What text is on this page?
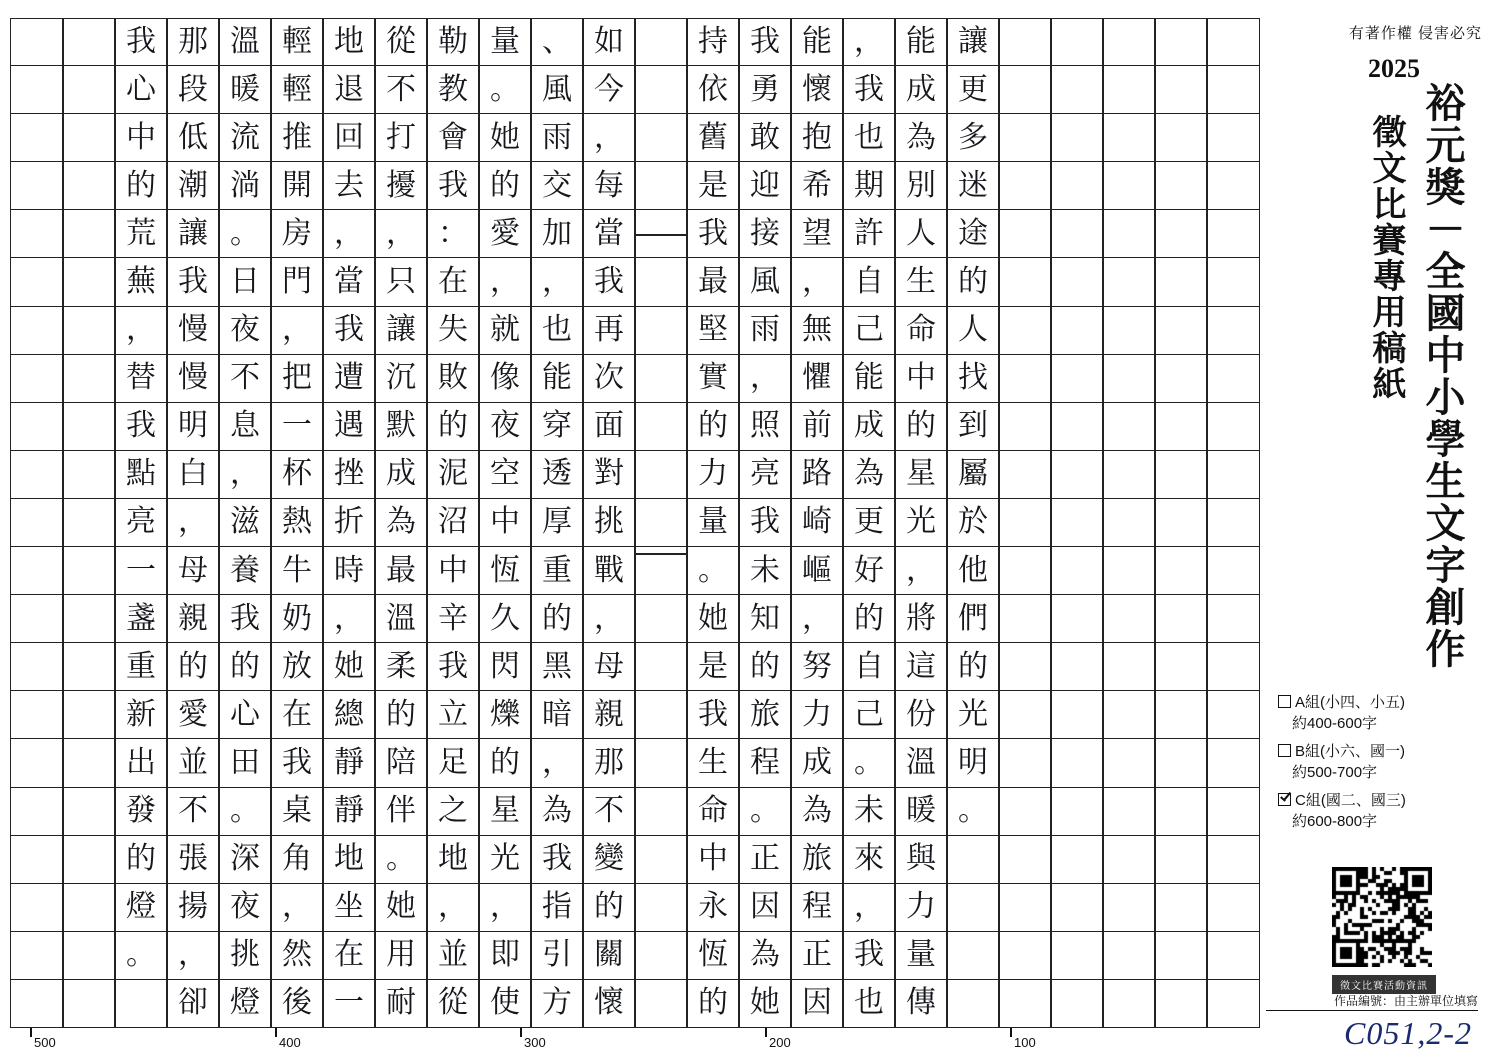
有著作權 侵害必究
讓
更
多
迷
途
的
人
找
到
屬
於
他
們
的
光
明
。
能
成
為
別
人
生
命
中
的
星
光
，
將
這
份
溫
暖
與
力
量
傳
，
我
也
期
許
自
己
能
成
為
更
好
的
自
己
。
未
來
，
我
也
能
懷
抱
希
望
，
無
懼
前
路
崎
嶇
，
努
力
成
為
旅
程
正
因
我
勇
敢
迎
接
風
雨
，
照
亮
我
未
知
的
旅
程
。
正
因
為
她
持
依
舊
是
我
最
堅
實
的
力
量
。
她
是
我
生
命
中
永
恆
的
如
今
，
每
當
我
再
次
面
對
挑
戰
，
母
親
那
不
變
的
關
懷
、
風
雨
交
加
，
也
能
穿
透
厚
重
的
黑
暗
，
為
我
指
引
方
量
。
她
的
愛
，
就
像
夜
空
中
恆
久
閃
爍
的
星
光
，
即
使
勒
教
會
我
：
在
失
敗
的
泥
沼
中
辛
我
立
足
之
地
，
並
從
從
不
打
擾
，
只
讓
沉
默
成
為
最
溫
柔
的
陪
伴
。
她
用
耐
地
退
回
去
，
當
我
遭
遇
挫
折
時
，
她
總
靜
靜
地
坐
在
一
輕
輕
推
開
房
門
，
把
一
杯
熱
牛
奶
放
在
我
桌
角
，
然
後
溫
暖
流
淌
。
日
夜
不
息
，
滋
養
我
的
心
田
。
深
夜
挑
燈
那
段
低
潮
讓
我
慢
慢
明
白
，
母
親
的
愛
並
不
張
揚
，
卻
我
心
中
的
荒
蕪
，
替
我
點
亮
一
盞
重
新
出
發
的
燈
。
500	400	300	200	100
2025
裕元獎－全國中小學生文字創作
徵文比賽專用稿紙
A組(小四、小五)
約400-600字
B組(小六、國一)
約500-700字
C組(國二、國三)
約600-800字
徵文比賽活動資訊
作品編號：由主辦單位填寫
C051,2-2
